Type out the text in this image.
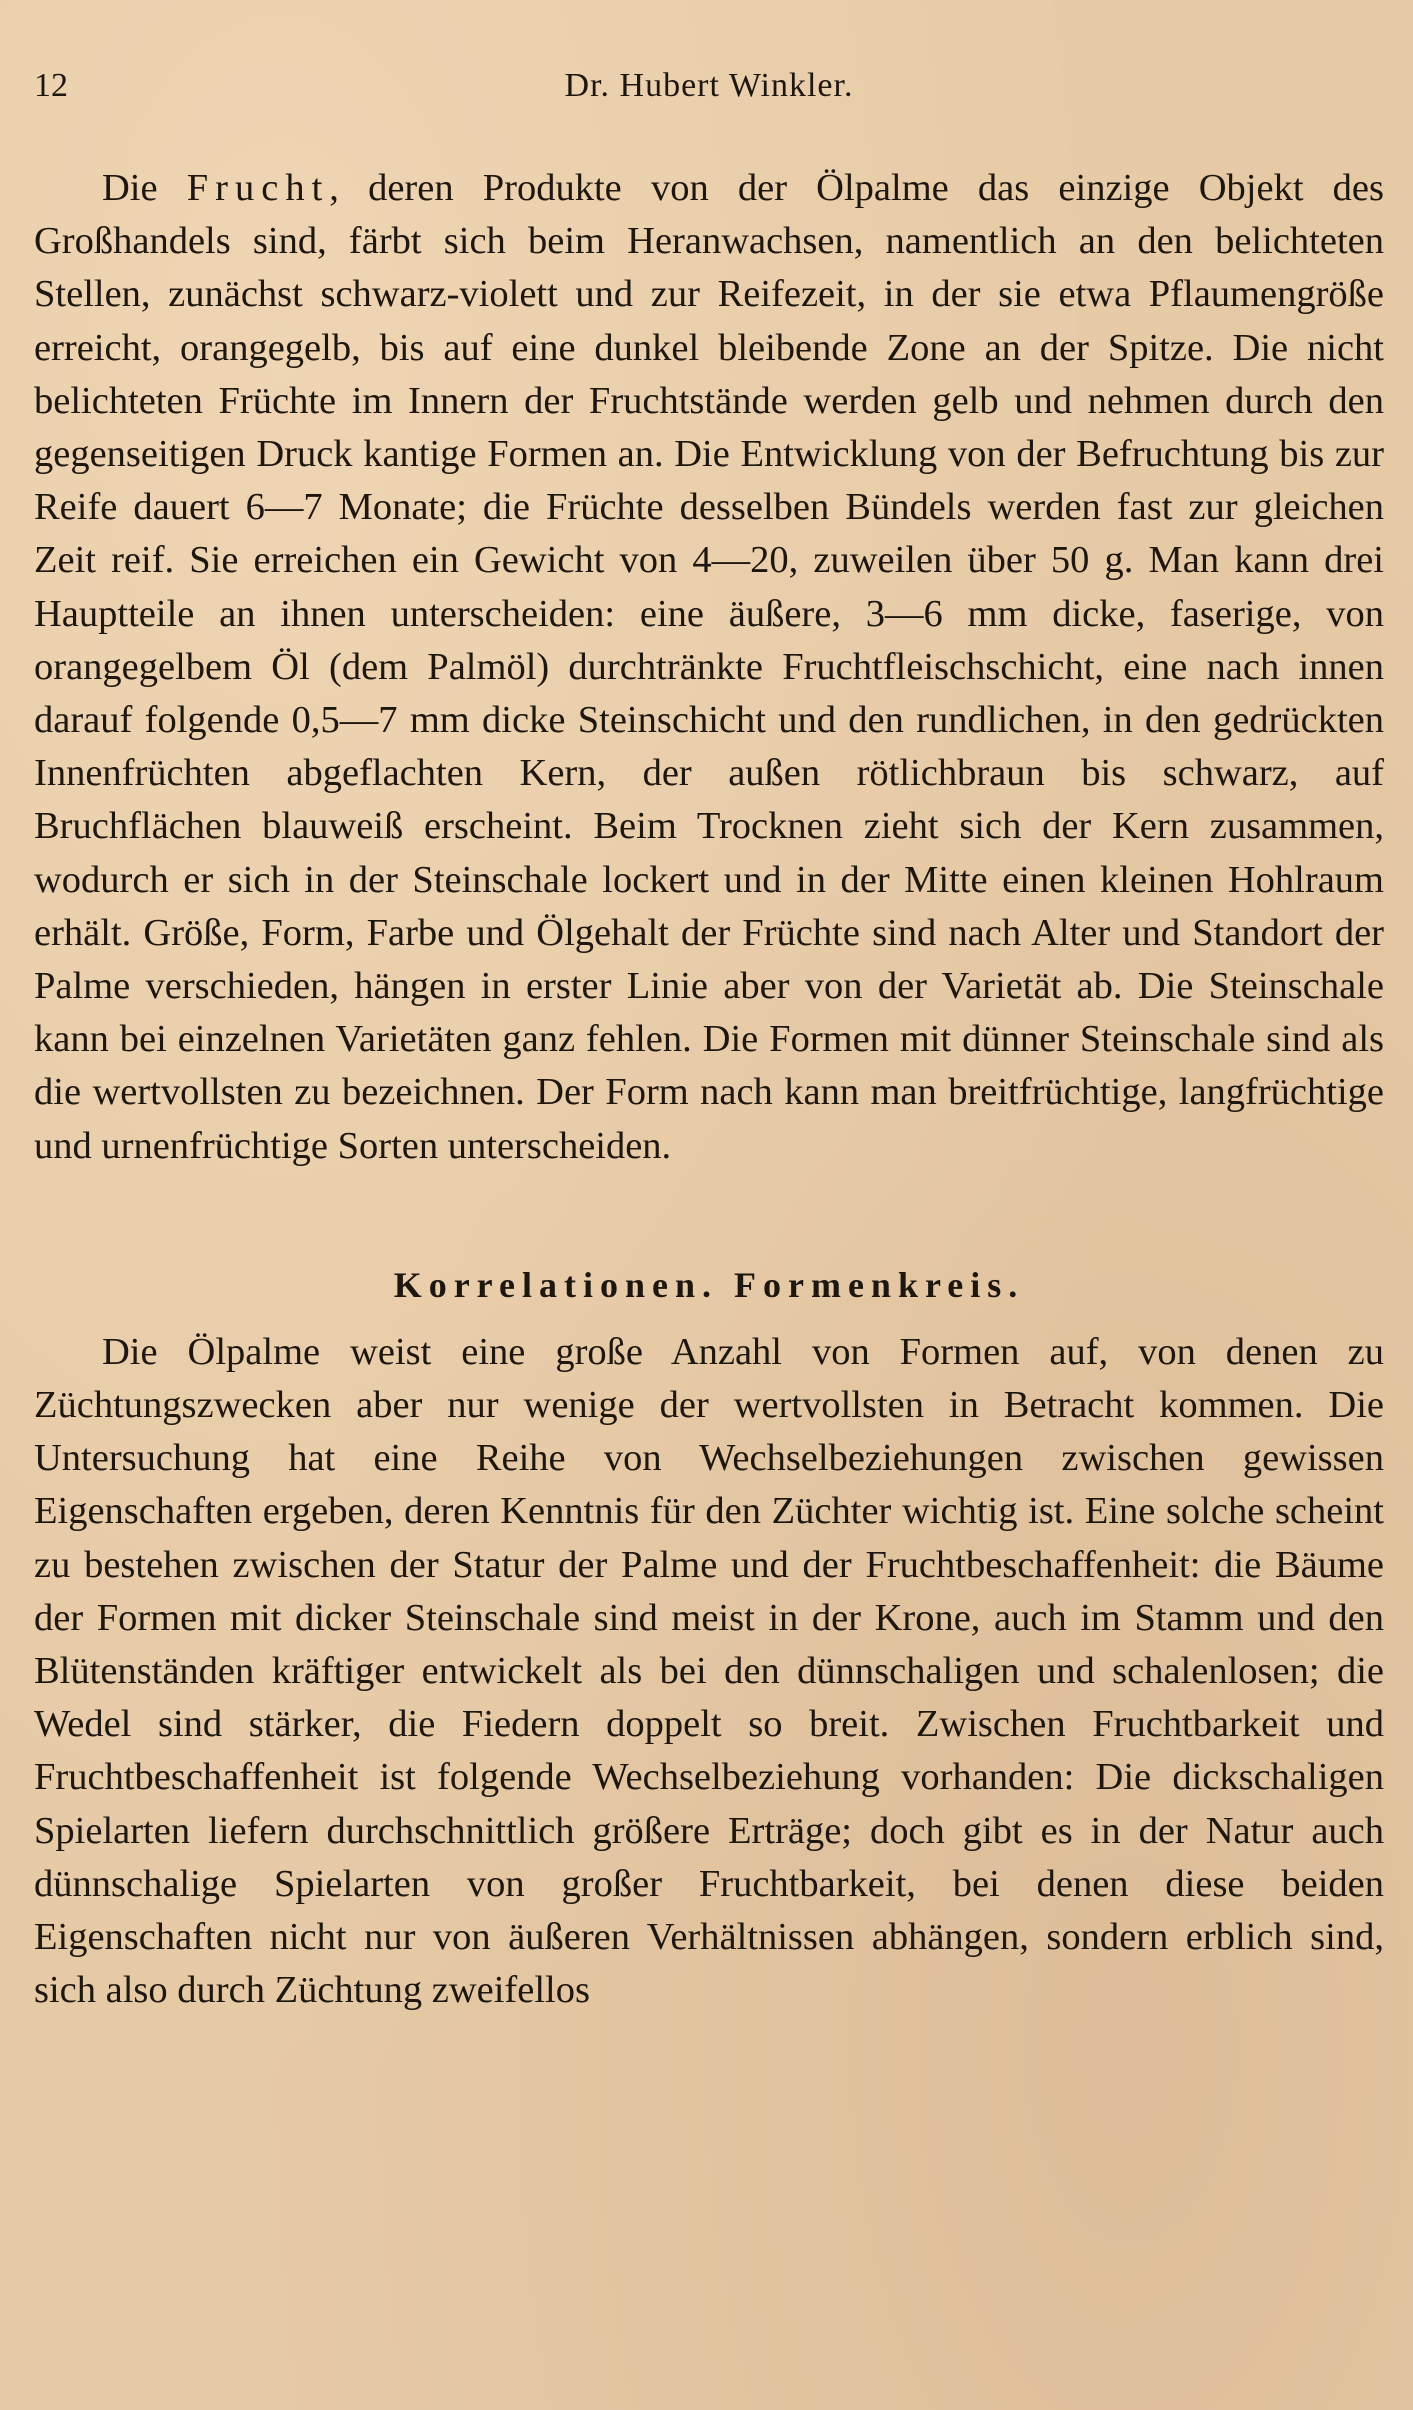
12	Dr. Hubert Winkler.

Die Frucht, deren Produkte von der Ölpalme das einzige Objekt des Großhandels sind, färbt sich beim Heranwachsen, namentlich an den belichteten Stellen, zunächst schwarz-violett und zur Reifezeit, in der sie etwa Pflaumengröße erreicht, orangegelb, bis auf eine dunkel bleibende Zone an der Spitze. Die nicht belichteten Früchte im Innern der Fruchtstände werden gelb und nehmen durch den gegenseitigen Druck kantige Formen an. Die Entwicklung von der Befruchtung bis zur Reife dauert 6—7 Monate; die Früchte desselben Bündels werden fast zur gleichen Zeit reif. Sie erreichen ein Gewicht von 4—20, zuweilen über 50 g. Man kann drei Hauptteile an ihnen unterscheiden: eine äußere, 3—6 mm dicke, faserige, von orangegelbem Öl (dem Palmöl) durchtränkte Fruchtfleischschicht, eine nach innen darauf folgende 0,5—7 mm dicke Steinschicht und den rundlichen, in den gedrückten Innenfrüchten abgeflachten Kern, der außen rötlichbraun bis schwarz, auf Bruchflächen blauweiß erscheint. Beim Trocknen zieht sich der Kern zusammen, wodurch er sich in der Steinschale lockert und in der Mitte einen kleinen Hohlraum erhält. Größe, Form, Farbe und Ölgehalt der Früchte sind nach Alter und Standort der Palme verschieden, hängen in erster Linie aber von der Varietät ab. Die Steinschale kann bei einzelnen Varietäten ganz fehlen. Die Formen mit dünner Steinschale sind als die wertvollsten zu bezeichnen. Der Form nach kann man breitfrüchtige, langfrüchtige und urnenfrüchtige Sorten unterscheiden.

Korrelationen. Formenkreis.

Die Ölpalme weist eine große Anzahl von Formen auf, von denen zu Züchtungszwecken aber nur wenige der wertvollsten in Betracht kommen. Die Untersuchung hat eine Reihe von Wechselbeziehungen zwischen gewissen Eigenschaften ergeben, deren Kenntnis für den Züchter wichtig ist. Eine solche scheint zu bestehen zwischen der Statur der Palme und der Fruchtbeschaffenheit: die Bäume der Formen mit dicker Steinschale sind meist in der Krone, auch im Stamm und den Blütenständen kräftiger entwickelt als bei den dünnschaligen und schalenlosen; die Wedel sind stärker, die Fiedern doppelt so breit. Zwischen Fruchtbarkeit und Fruchtbeschaffenheit ist folgende Wechselbeziehung vorhanden: Die dickschaligen Spielarten liefern durchschnittlich größere Erträge; doch gibt es in der Natur auch dünnschalige Spielarten von großer Fruchtbarkeit, bei denen diese beiden Eigenschaften nicht nur von äußeren Verhältnissen abhängen, sondern erblich sind, sich also durch Züchtung zweifellos
